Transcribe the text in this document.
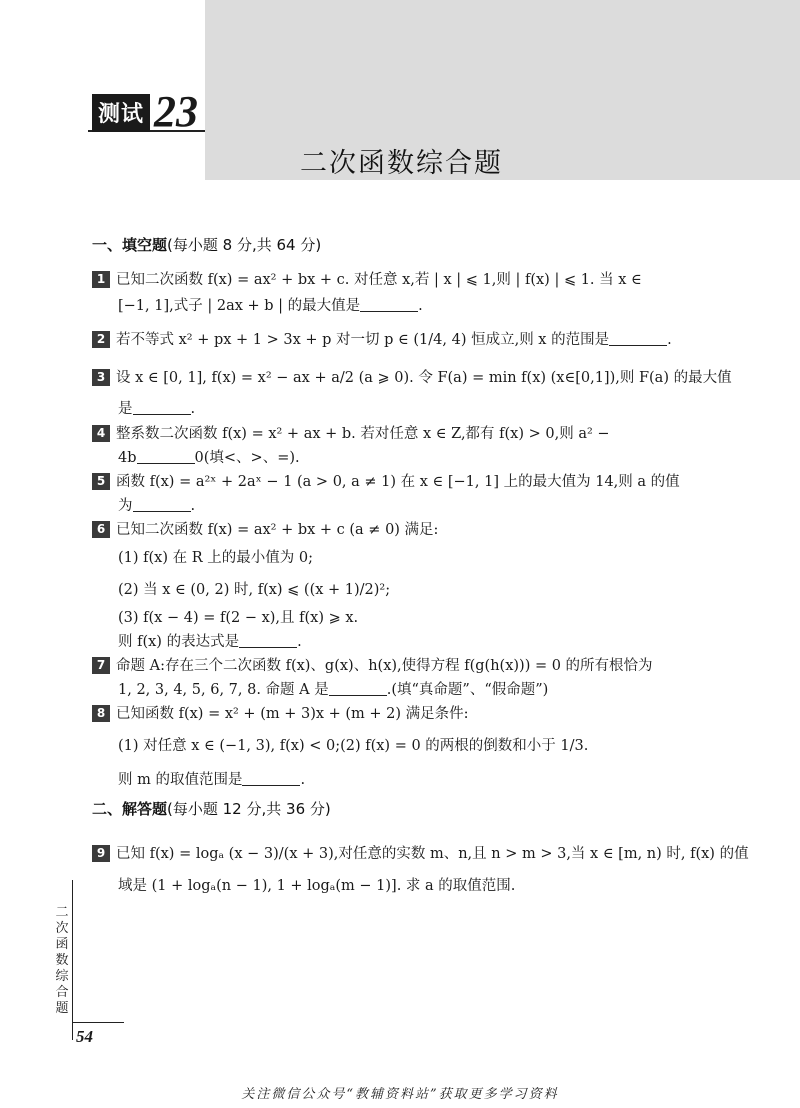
测试 23
二次函数综合题
一、填空题(每小题 8 分,共 64 分)
1 已知二次函数 f(x) = ax² + bx + c. 对任意 x,若 | x | ⩽ 1,则 | f(x) | ⩽ 1. 当 x ∈
[−1, 1],式子 | 2ax + b | 的最大值是	.
2 若不等式 x² + px + 1 > 3x + p 对一切 p ∈ (1/4, 4) 恒成立,则 x 的范围是	.
3 设 x ∈ [0, 1], f(x) = x² − ax + a/2 (a ⩾ 0). 令 F(a) = min f(x) (x∈[0,1]),则 F(a) 的最大值
是	.
4 整系数二次函数 f(x) = x² + ax + b. 若对任意 x ∈ Z,都有 f(x) > 0,则 a² −
4b	0(填<、>、=).
5 函数 f(x) = a²ˣ + 2aˣ − 1 (a > 0, a ≠ 1) 在 x ∈ [−1, 1] 上的最大值为 14,则 a 的值
为	.
6 已知二次函数 f(x) = ax² + bx + c (a ≠ 0) 满足:
(1) f(x) 在 R 上的最小值为 0;
(2) 当 x ∈ (0, 2) 时, f(x) ⩽ ((x + 1)/2)²;
(3) f(x − 4) = f(2 − x),且 f(x) ⩾ x.
则 f(x) 的表达式是	.
7 命题 A:存在三个二次函数 f(x)、g(x)、h(x),使得方程 f(g(h(x))) = 0 的所有根恰为
1, 2, 3, 4, 5, 6, 7, 8. 命题 A 是	.(填“真命题”、“假命题”)
8 已知函数 f(x) = x² + (m + 3)x + (m + 2) 满足条件:
(1) 对任意 x ∈ (−1, 3), f(x) < 0;(2) f(x) = 0 的两根的倒数和小于 1/3.
则 m 的取值范围是	.
二、解答题(每小题 12 分,共 36 分)
9 已知 f(x) = logₐ (x − 3)/(x + 3),对任意的实数 m、n,且 n > m > 3,当 x ∈ [m, n) 时, f(x) 的值
域是 (1 + logₐ(n − 1), 1 + logₐ(m − 1)]. 求 a 的取值范围.
二次函数综合题
54
关注微信公众号“教辅资料站”获取更多学习资料
